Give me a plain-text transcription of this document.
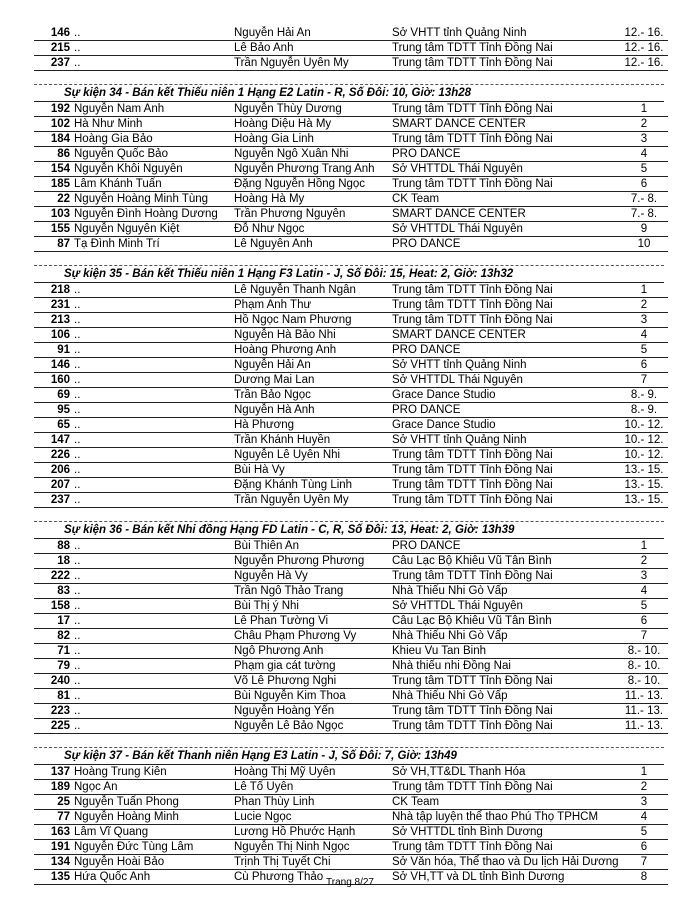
146	..	Nguyễn Hải An	Sở VHTT tỉnh Quảng Ninh	12.- 16.
215	..	Lê Bảo Anh	Trung tâm TDTT Tỉnh Đồng Nai	12.- 16.
237	..	Trần Nguyễn Uyên My	Trung tâm TDTT Tỉnh Đồng Nai	12.- 16.
Sự kiện 34 - Bán kết Thiếu niên 1 Hạng E2 Latin - R, Số Đôi: 10, Giờ: 13h28
192	Nguyễn Nam Anh	Nguyễn Thùy Dương	Trung tâm TDTT Tỉnh Đồng Nai	1
102	Hà Như Minh	Hoàng Diệu Hà My	SMART DANCE CENTER	2
184	Hoàng Gia Bảo	Hoàng Gia Linh	Trung tâm TDTT Tỉnh Đồng Nai	3
86	Nguyễn Quốc Bảo	Nguyễn Ngô Xuân Nhi	PRO DANCE	4
154	Nguyễn Khôi Nguyên	Nguyễn Phương Trang Anh	Sở VHTTDL Thái Nguyên	5
185	Lâm Khánh Tuấn	Đặng Nguyễn Hồng Ngọc	Trung tâm TDTT Tỉnh Đồng Nai	6
22	Nguyễn Hoàng Minh Tùng	Hoàng Hà My	CK Team	7.- 8.
103	Nguyễn Đình Hoàng Dương	Trần Phương Nguyên	SMART DANCE CENTER	7.- 8.
155	Nguyễn Nguyên Kiệt	Đỗ Như Ngọc	Sở VHTTDL Thái Nguyên	9
87	Tạ Đình Minh Trí	Lê Nguyên Anh	PRO DANCE	10
Sự kiện 35 - Bán kết Thiếu niên 1 Hạng F3 Latin - J, Số Đôi: 15, Heat: 2, Giờ: 13h32
218	..	Lê Nguyễn Thanh Ngân	Trung tâm TDTT Tỉnh Đồng Nai	1
231	..	Phạm Anh Thư	Trung tâm TDTT Tỉnh Đồng Nai	2
213	..	Hồ Ngọc Nam Phương	Trung tâm TDTT Tỉnh Đồng Nai	3
106	..	Nguyễn Hà Bảo Nhi	SMART DANCE CENTER	4
91	..	Hoàng Phương Anh	PRO DANCE	5
146	..	Nguyễn Hải An	Sở VHTT tỉnh Quảng Ninh	6
160	..	Dương Mai Lan	Sở VHTTDL Thái Nguyên	7
69	..	Trần Bảo Ngọc	Grace Dance Studio	8.- 9.
95	..	Nguyễn Hà Anh	PRO DANCE	8.- 9.
65	..	Hà Phương	Grace Dance Studio	10.- 12.
147	..	Trần Khánh Huyền	Sở VHTT tỉnh Quảng Ninh	10.- 12.
226	..	Nguyễn Lê Uyên Nhi	Trung tâm TDTT Tỉnh Đồng Nai	10.- 12.
206	..	Bùi Hà Vy	Trung tâm TDTT Tỉnh Đồng Nai	13.- 15.
207	..	Đặng Khánh Tùng Linh	Trung tâm TDTT Tỉnh Đồng Nai	13.- 15.
237	..	Trần Nguyễn Uyên My	Trung tâm TDTT Tỉnh Đồng Nai	13.- 15.
Sự kiện 36 - Bán kết Nhi đồng Hạng FD Latin - C, R, Số Đôi: 13, Heat: 2, Giờ: 13h39
88	..	Bùi Thiên An	PRO DANCE	1
18	..	Nguyễn Phương Phương	Câu Lạc Bộ Khiêu Vũ Tân Bình	2
222	..	Nguyễn Hà Vy	Trung tâm TDTT Tỉnh Đồng Nai	3
83	..	Trần Ngô Thảo Trang	Nhà Thiếu Nhi Gò Vấp	4
158	..	Bùi Thị ý Nhi	Sở VHTTDL Thái Nguyên	5
17	..	Lê Phan Tường Vi	Câu Lạc Bộ Khiêu Vũ Tân Bình	6
82	..	Châu Phạm Phương Vy	Nhà Thiếu Nhi Gò Vấp	7
71	..	Ngô Phương Anh	Khieu Vu Tan Binh	8.- 10.
79	..	Phạm gia cát tường	Nhà thiếu nhi Đồng Nai	8.- 10.
240	..	Võ Lê Phương Nghi	Trung tâm TDTT Tỉnh Đồng Nai	8.- 10.
81	..	Bùi Nguyễn Kim Thoa	Nhà Thiếu Nhi Gò Vấp	11.- 13.
223	..	Nguyễn Hoàng Yến	Trung tâm TDTT Tỉnh Đồng Nai	11.- 13.
225	..	Nguyễn Lê Bảo Ngọc	Trung tâm TDTT Tỉnh Đồng Nai	11.- 13.
Sự kiện 37 - Bán kết Thanh niên Hạng E3 Latin - J, Số Đôi: 7, Giờ: 13h49
137	Hoàng Trung Kiên	Hoàng Thị Mỹ Uyên	Sở VH,TT&DL Thanh Hóa	1
189	Ngọc An	Lê Tố Uyên	Trung tâm TDTT Tỉnh Đồng Nai	2
25	Nguyễn Tuấn Phong	Phan Thùy Linh	CK Team	3
77	Nguyễn Hoàng Minh	Lucie Ngọc	Nhà tập luyện thể thao Phú Thọ TPHCM	4
163	Lâm Vĩ Quang	Lương Hồ Phước Hạnh	Sở VHTTDL tỉnh Bình Dương	5
191	Nguyễn Đức Tùng Lâm	Nguyễn Thị Ninh Ngọc	Trung tâm TDTT Tỉnh Đồng Nai	6
134	Nguyễn Hoài Bảo	Trịnh Thị Tuyết Chi	Sở Văn hóa, Thể thao và Du lịch Hải Dương	7
135	Hứa Quốc Anh	Cù Phương Thảo	Sở VH,TT và DL tỉnh Bình Dương	8
Trang 8/27
